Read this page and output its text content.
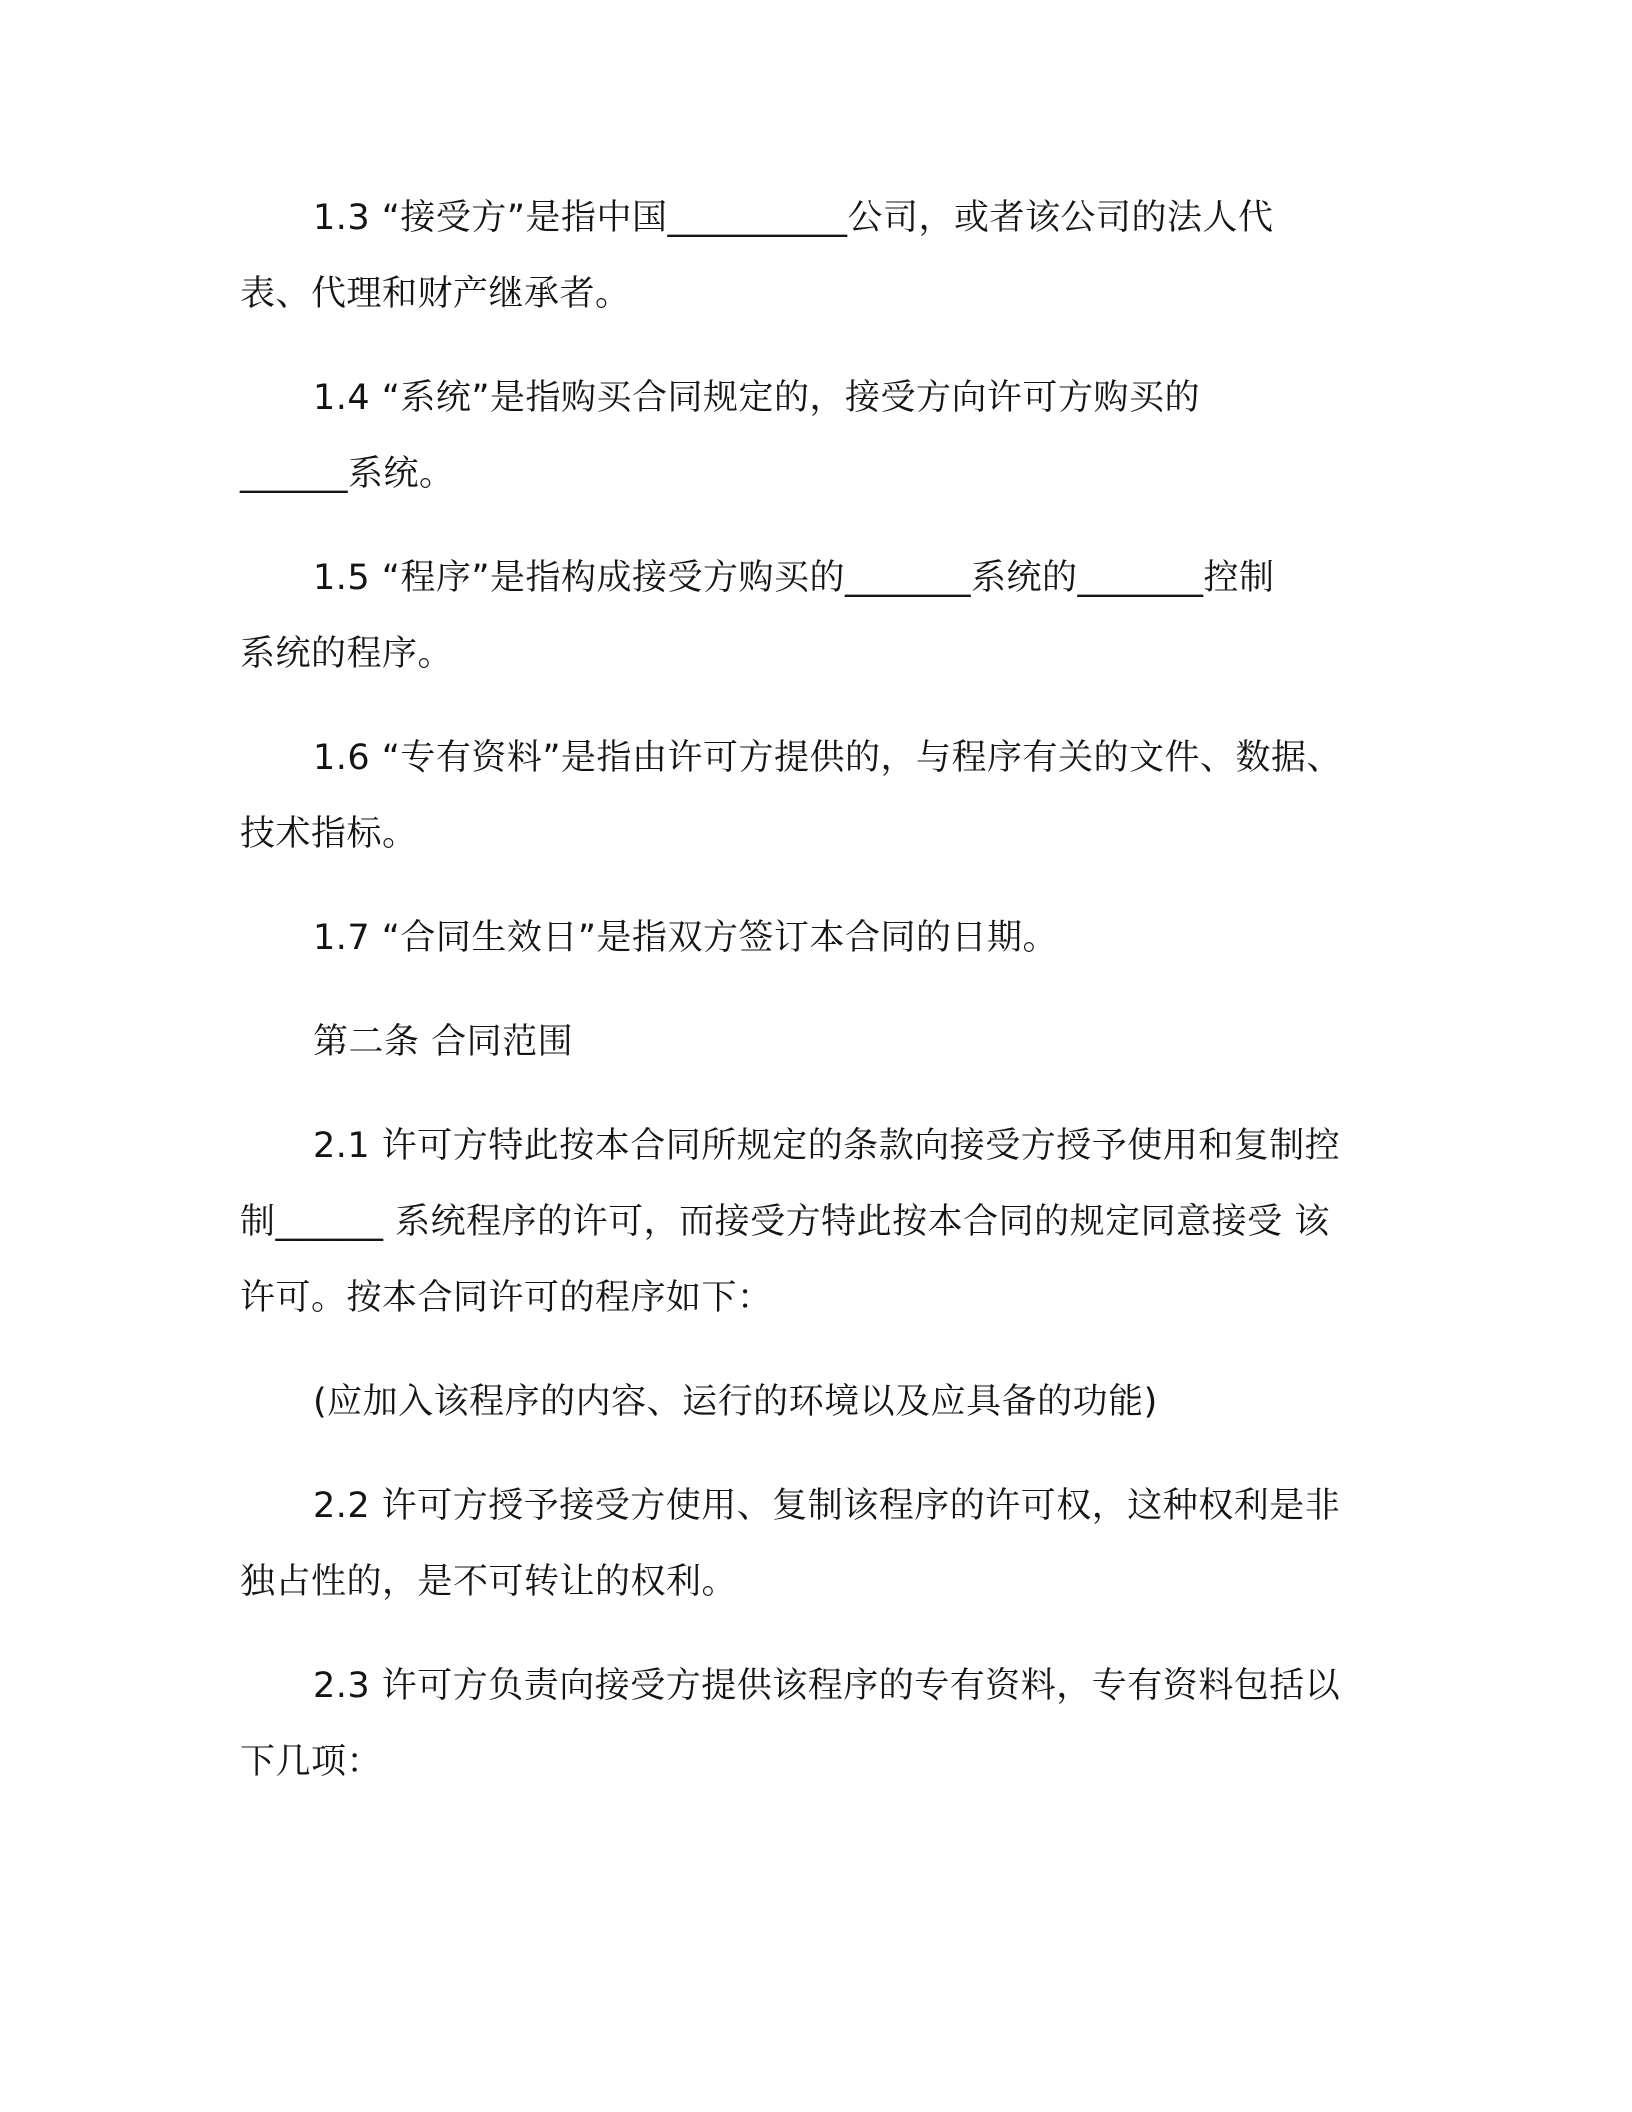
1.3 “接受方”是指中国__________公司，或者该公司的法人代
表、代理和财产继承者。
1.4 “系统”是指购买合同规定的，接受方向许可方购买的
______系统。
1.5 “程序”是指构成接受方购买的_______系统的_______控制
系统的程序。
1.6 “专有资料”是指由许可方提供的，与程序有关的文件、数据、
技术指标。
1.7 “合同生效日”是指双方签订本合同的日期。
第二条 合同范围
2.1 许可方特此按本合同所规定的条款向接受方授予使用和复制控
制______ 系统程序的许可，而接受方特此按本合同的规定同意接受 该
许可。按本合同许可的程序如下：
(应加入该程序的内容、运行的环境以及应具备的功能)
2.2 许可方授予接受方使用、复制该程序的许可权，这种权利是非
独占性的，是不可转让的权利。
2.3 许可方负责向接受方提供该程序的专有资料，专有资料包括以
下几项：
